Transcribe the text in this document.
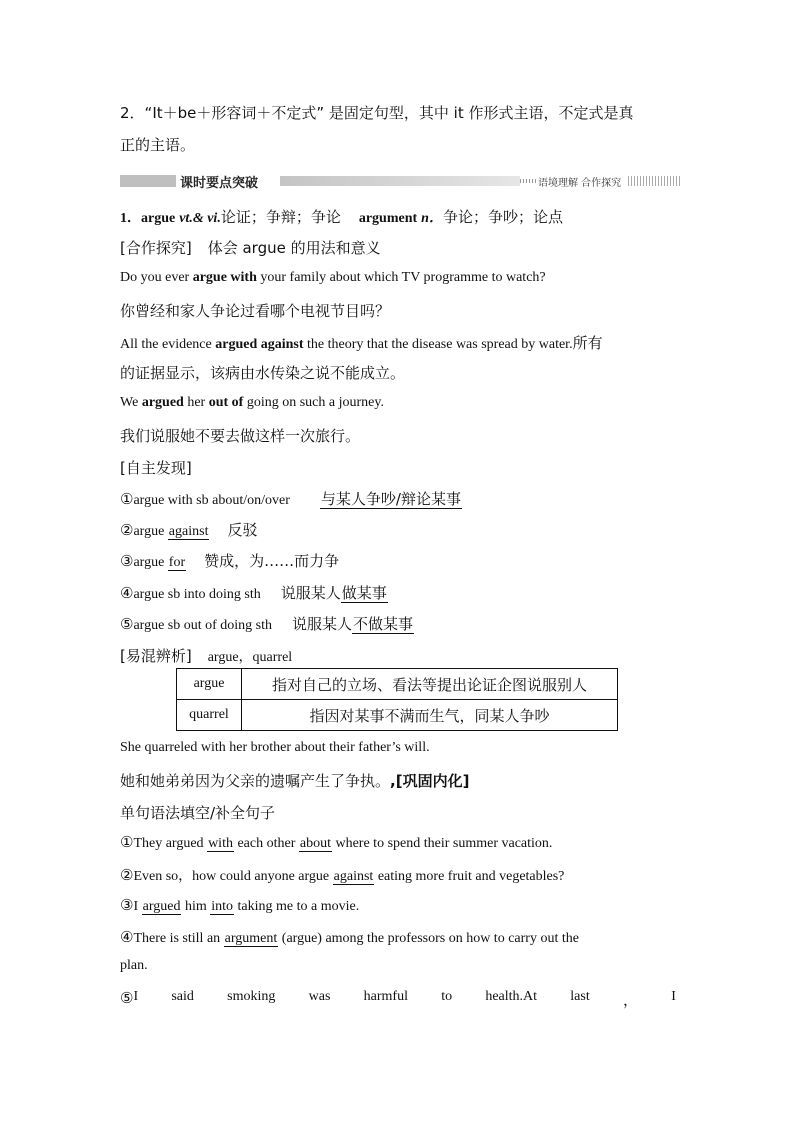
2．“It＋be＋形容词＋不定式” 是固定句型，其中 it 作形式主语，不定式是真
正的主语。
课时要点突破	语境理解 合作探究
1．argue vt.& vi.论证；争辩；争论 argument n．争论；争吵；论点
[合作探究] 体会 argue 的用法和意义
Do you ever argue with your family about which TV programme to watch?
你曾经和家人争论过看哪个电视节目吗？
All the evidence argued against the theory that the disease was spread by water.所有
的证据显示，该病由水传染之说不能成立。
We argued her out of going on such a journey.
我们说服她不要去做这样一次旅行。
[自主发现]
①argue with sb about/on/over 与某人争吵/辩论某事
②argue against 反驳
③argue for 赞成，为……而力争
④argue sb into doing sth 说服某人做某事
⑤argue sb out of doing sth 说服某人不做某事
[易混辨析] argue，quarrel
argue	指对自己的立场、看法等提出论证企图说服别人
quarrel	指因对某事不满而生气，同某人争吵
She quarreled with her brother about their father’s will.
她和她弟弟因为父亲的遗嘱产生了争执。,[巩固内化]
单句语法填空/补全句子
①They argued with each other about where to spend their summer vacation.
②Even so，how could anyone argue against eating more fruit and vegetables?
③I argued him into taking me to a movie.
④There is still an argument (argue) among the professors on how to carry out the
plan.
⑤ I said smoking was harmful to health.At last ， I
